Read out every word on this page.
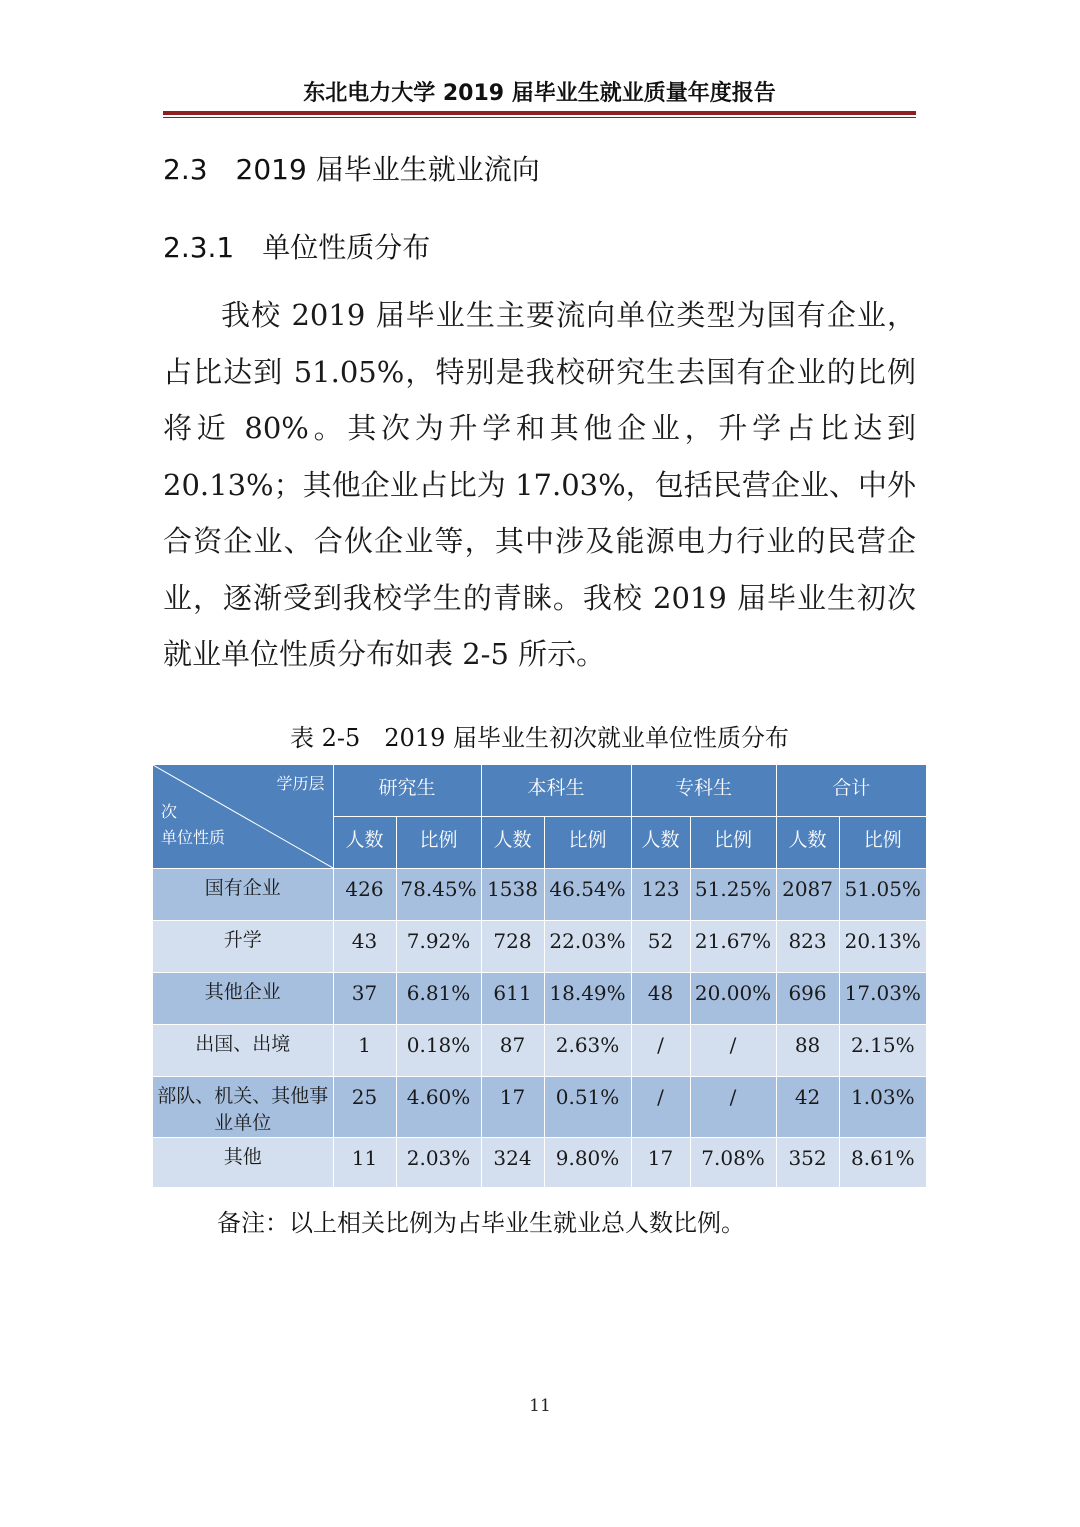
东北电力大学 2019 届毕业生就业质量年度报告
2.3　2019 届毕业生就业流向
2.3.1　单位性质分布

我校 2019 届毕业生主要流向单位类型为国有企业，占比达到 51.05%，特别是我校研究生去国有企业的比例将近 80%。其次为升学和其他企业，升学占比达到 20.13%；其他企业占比为 17.03%，包括民营企业、中外合资企业、合伙企业等，其中涉及能源电力行业的民营企业，逐渐受到我校学生的青睐。我校 2019 届毕业生初次就业单位性质分布如表 2-5 所示。

表 2-5　2019 届毕业生初次就业单位性质分布
学历层
次
单位性质	研究生		本科生		专科生		合计	
	人数	比例	人数	比例	人数	比例	人数	比例
国有企业	426	78.45%	1538	46.54%	123	51.25%	2087	51.05%
升学	43	7.92%	728	22.03%	52	21.67%	823	20.13%
其他企业	37	6.81%	611	18.49%	48	20.00%	696	17.03%
出国、出境	1	0.18%	87	2.63%	/	/	88	2.15%
部队、机关、其他事业单位	25	4.60%	17	0.51%	/	/	42	1.03%
其他	11	2.03%	324	9.80%	17	7.08%	352	8.61%
备注：以上相关比例为占毕业生就业总人数比例。
11
